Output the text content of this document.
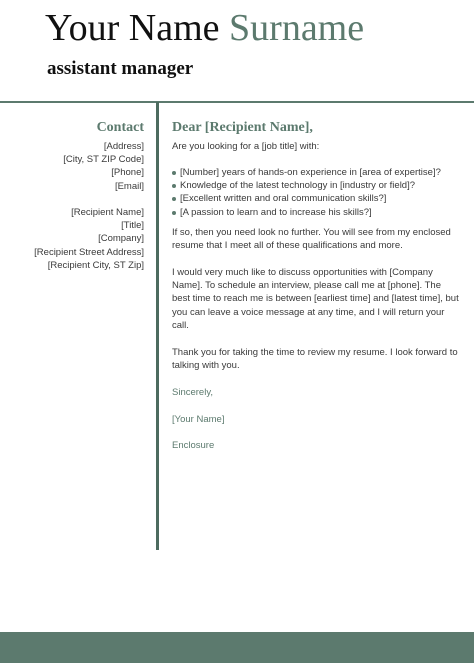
Your Name Surname
assistant manager
Contact
[Address]
[City, ST ZIP Code]
[Phone]
[Email]
[Recipient Name]
[Title]
[Company]
[Recipient Street Address]
[Recipient City, ST Zip]
Dear [Recipient Name],
Are you looking for a [job title] with:
[Number] years of hands-on experience in [area of expertise]?
Knowledge of the latest technology in [industry or field]?
[Excellent written and oral communication skills?]
[A passion to learn and to increase his skills?]
If so, then you need look no further. You will see from my enclosed
resume that I meet all of these qualifications and more.
I would very much like to discuss opportunities with [Company
Name]. To schedule an interview, please call me at [phone]. The
best time to reach me is between [earliest time] and [latest time], but
you can leave a voice message at any time, and I will return your
call.
Thank you for taking the time to review my resume. I look forward to
talking with you.
Sincerely,
[Your Name]
Enclosure
